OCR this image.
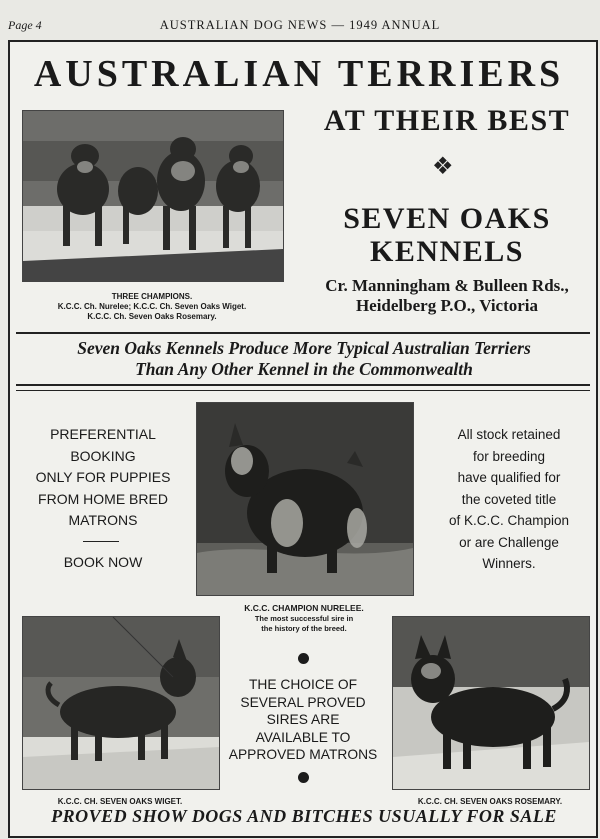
Page 4	AUSTRALIAN DOG NEWS — 1949 ANNUAL
AUSTRALIAN TERRIERS
THREE CHAMPIONS.
K.C.C. Ch. Nurelee; K.C.C. Ch. Seven Oaks Wiget.
K.C.C. Ch. Seven Oaks Rosemary.
AT THEIR BEST
❖
SEVEN OAKS
KENNELS
Cr. Manningham & Bulleen Rds.,
Heidelberg P.O., Victoria
Seven Oaks Kennels Produce More Typical Australian Terriers
Than Any Other Kennel in the Commonwealth
PREFERENTIAL
BOOKING
ONLY FOR PUPPIES
FROM HOME BRED
MATRONS
BOOK NOW
K.C.C. CHAMPION NURELEE.
The most successful sire in
the history of the breed.
All stock retained
for breeding
have qualified for
the coveted title
of K.C.C. Champion
or are Challenge
Winners.
K.C.C. CH. SEVEN OAKS WIGET.
THE CHOICE OF
SEVERAL PROVED
SIRES ARE
AVAILABLE TO
APPROVED MATRONS
K.C.C. CH. SEVEN OAKS ROSEMARY.
PROVED SHOW DOGS AND BITCHES USUALLY FOR SALE
